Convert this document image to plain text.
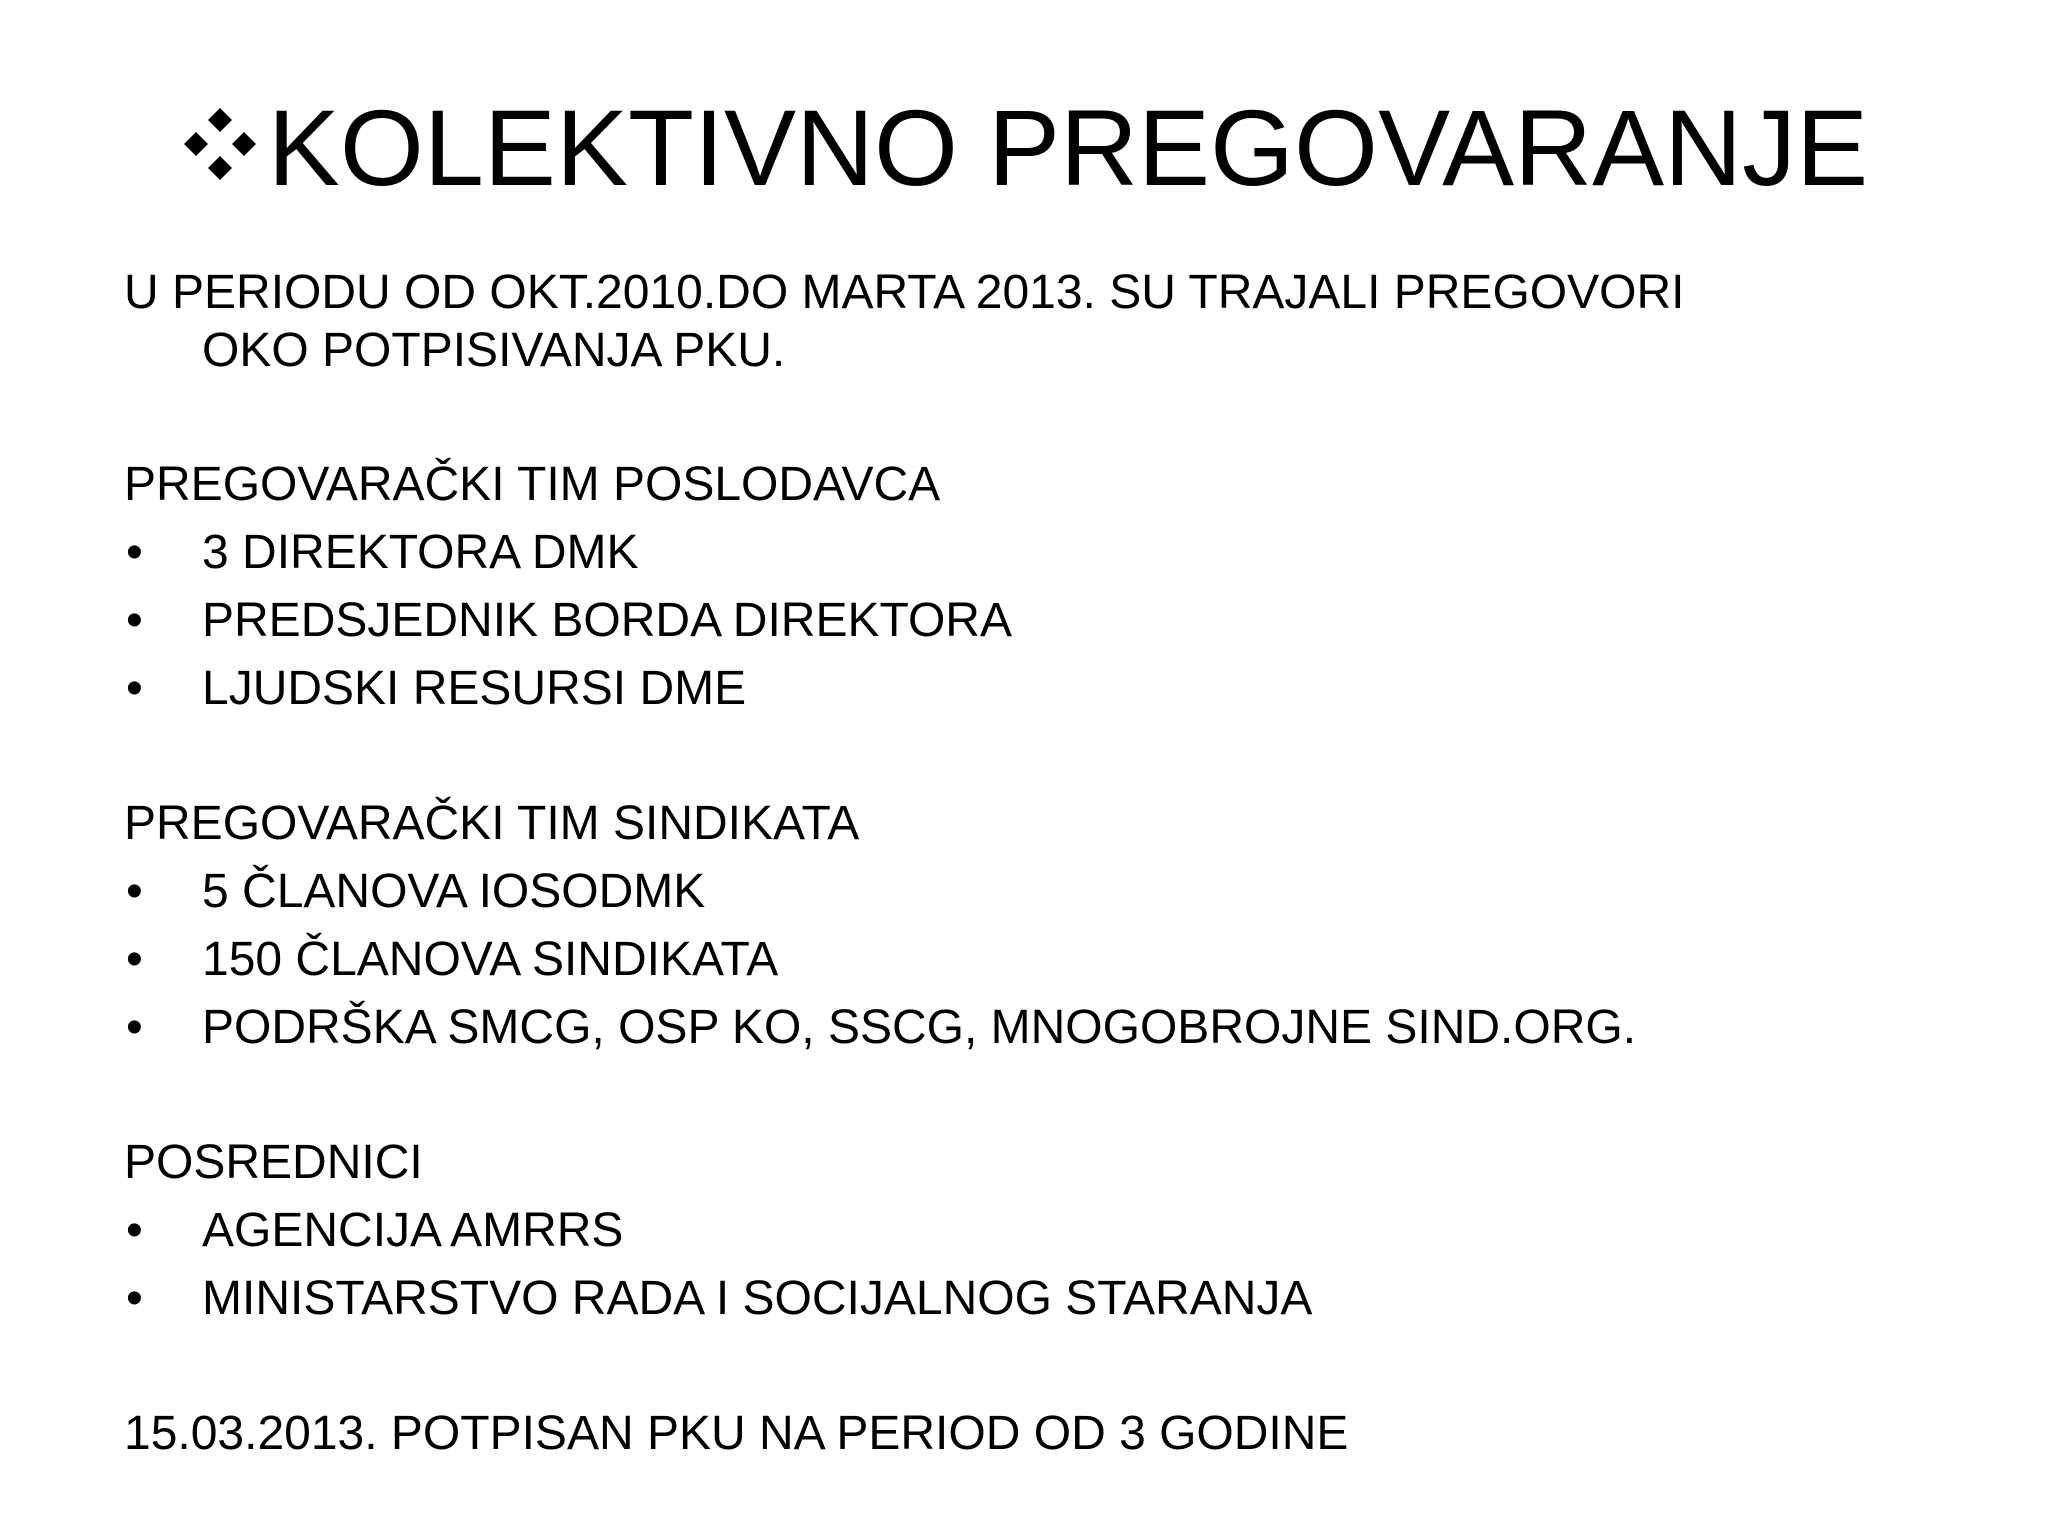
KOLEKTIVNO PREGOVARANJE
U PERIODU OD OKT.2010.DO MARTA 2013. SU TRAJALI PREGOVORI
OKO POTPISIVANJA PKU.
PREGOVARAČKI TIM POSLODAVCA
• 3 DIREKTORA DMK
• PREDSJEDNIK BORDA DIREKTORA
• LJUDSKI RESURSI DME
PREGOVARAČKI TIM SINDIKATA
• 5 ČLANOVA IOSODMK
• 150 ČLANOVA SINDIKATA
• PODRŠKA SMCG, OSP KO, SSCG, MNOGOBROJNE SIND.ORG.
POSREDNICI
• AGENCIJA AMRRS
• MINISTARSTVO RADA I SOCIJALNOG STARANJA
15.03.2013. POTPISAN PKU NA PERIOD OD 3 GODINE
